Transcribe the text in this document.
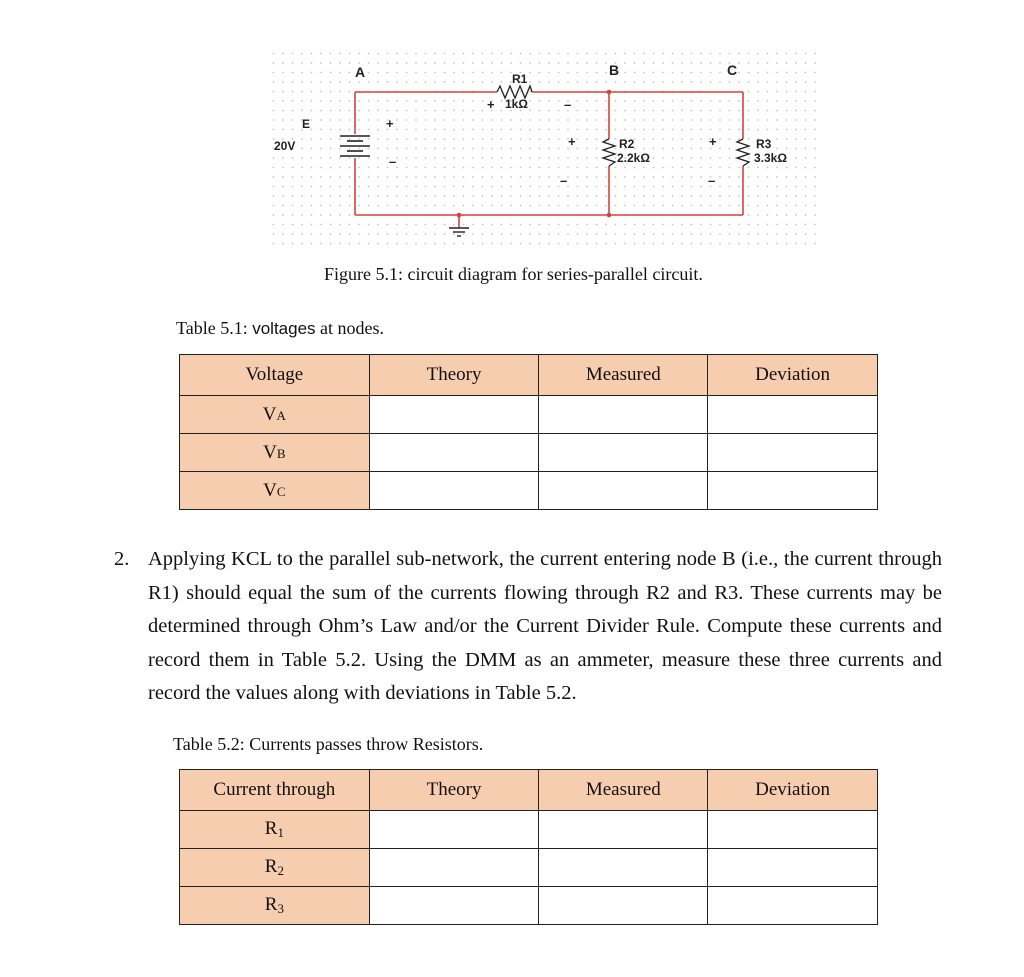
A	B	C
R1
1kΩ
R2
2.2kΩ
R3
3.3kΩ
E
20V
+
–
+	–
+
–
+
–
Figure 5.1: circuit diagram for series-parallel circuit.
Table 5.1: voltages at nodes.
Voltage	Theory	Measured	Deviation
VA			
VB			
VC			
2. Applying KCL to the parallel sub-network, the current entering node B (i.e., the current through R1) should equal the sum of the currents flowing through R2 and R3. These currents may be determined through Ohm’s Law and/or the Current Divider Rule. Compute these currents and record them in Table 5.2. Using the DMM as an ammeter, measure these three currents and record the values along with deviations in Table 5.2.
Table 5.2: Currents passes throw Resistors.
Current through	Theory	Measured	Deviation
R1			
R2			
R3			
